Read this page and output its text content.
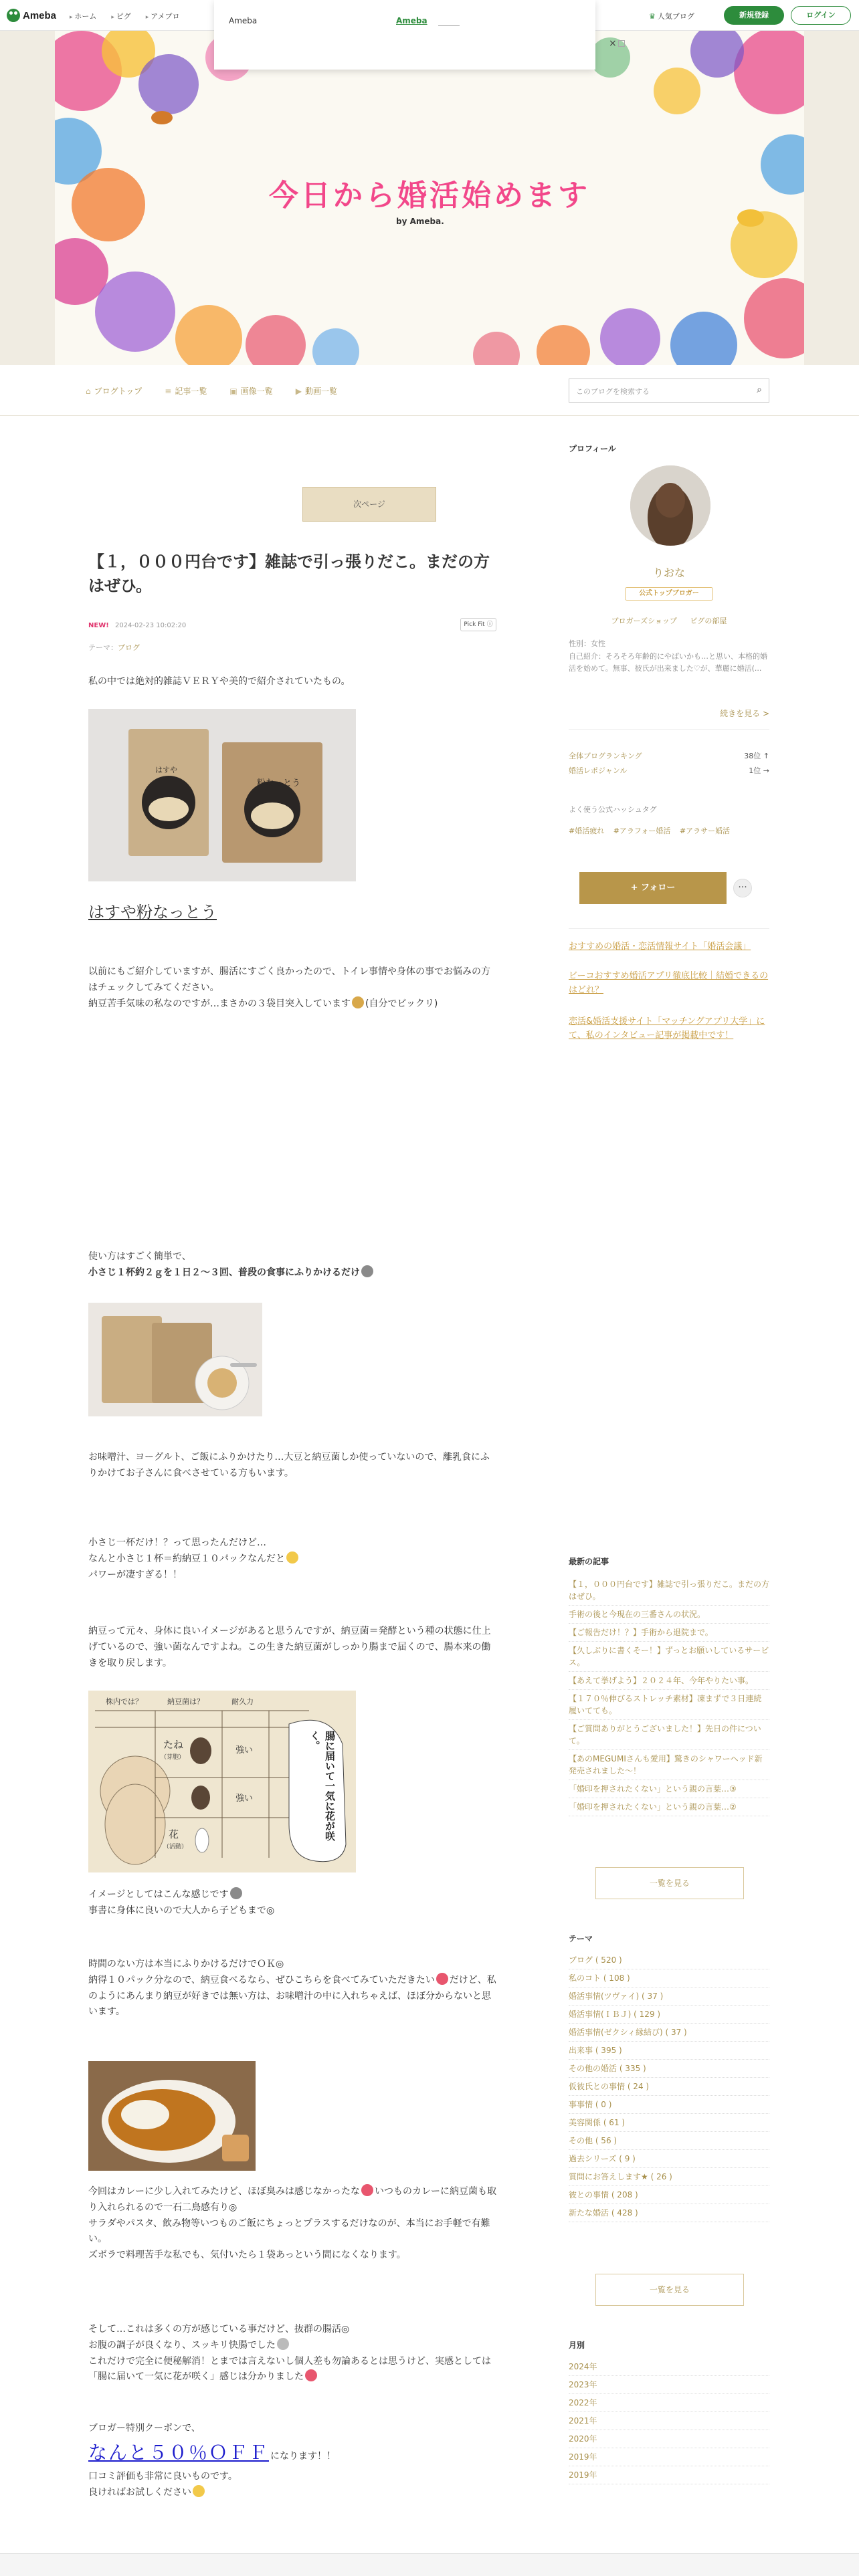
Ameba	▸ ホーム	▸ ピグ	▸ アメブロ	♛ 人気ブログ	新規登録	ログイン
今日から婚活始めます
by Ameba.
Ameba	Ameba
×
⌂ ブログトップ	≡ 記事一覧	▣ 画像一覧	▶ 動画一覧	このブログを検索する	⌕
次ページ
【１，０００円台です】雑誌で引っ張りだこ。まだの方はぜひ。
NEW! 2024-02-23 10:02:20	Pick Fit ⓘ
テーマ：ブログ
私の中では絶対的雑誌ＶＥＲＹや美的で紹介されていたもの。
粉なっとう
はすや
はすや粉なっとう
以前にもご紹介していますが、腸活にすごく良かったので、トイレ事情や身体の事でお悩みの方はチェックしてみてください。
納豆苦手気味の私なのですが…まさかの３袋目突入しています (自分でビックリ)
使い方はすごく簡単で、
小さじ１杯約２ｇを１日２〜３回、普段の食事にふりかけるだけ
お味噌汁、ヨーグルト、ご飯にふりかけたり…大豆と納豆菌しか使っていないので、離乳食にふりかけてお子さんに食べさせている方もいます。
小さじ一杯だけ！？って思ったんだけど…
なんと小さじ１杯＝約納豆１０パックなんだと
パワーが凄すぎる！！
納豆って元々、身体に良いイメージがあると思うんですが、納豆菌＝発酵という種の状態に仕上げているので、強い菌なんですよね。この生きた納豆菌がしっかり腸まで届くので、腸本来の働きを取り戻します。
株内では？	納豆菌は？	耐久力
たね
（芽胞）
強い
強い
花
（活動）
腸に届いて一気に花が咲く。
イメージとしてはこんな感じです
事書に身体に良いので大人から子どもまで◎
時間のない方は本当にふりかけるだけでＯＫ◎
納得１０パック分なので、納豆食べるなら、ぜひこちらを食べてみていただきたい だけど、私のようにあんまり納豆が好きでは無い方は、お味噌汁の中に入れちゃえば、ほぼ分からないと思います。
今回はカレーに少し入れてみたけど、ほぼ臭みは感じなかったな いつものカレーに納豆菌も取り入れられるので一石二鳥感有り◎
サラダやパスタ、飲み物等いつものご飯にちょっとプラスするだけなのが、本当にお手軽で有難い。
ズボラで料理苦手な私でも、気付いたら１袋あっという間になくなります。
そして…これは多くの方が感じている事だけど、抜群の腸活◎
お腹の調子が良くなり、スッキリ快腸でした
これだけで完全に便秘解消！とまでは言えないし個人差も勿論あるとは思うけど、実感としては「腸に届いて一気に花が咲く」感じは分かりました
ブロガー特別クーポンで、
なんと５０％ＯＦＦ になります！！
口コミ評価も非常に良いものです。
良ければお試しください
プロフィール
りおな
公式トップブロガー
ブロガーズショップ ピグの部屋
性別：女性
自己紹介：そろそろ年齢的にやばいかも…と思い、本格的婚活を始めて。無事、彼氏が出来ました♡が、華麗に婚活(...
続きを見る >
全体ブログランキング	38位 ↑
婚活レポジャンル	1位 →
よく使う公式ハッシュタグ
#婚活疲れ #アラフォー婚活 #アラサー婚活
+ フォロー	···
おすすめの婚活・恋活情報サイト「婚活会議」
ビーコおすすめ婚活アプリ徹底比較｜結婚できるのはどれ？
恋活&婚活支援サイト「マッチングアプリ大学」にて、私のインタビュー記事が掲載中です！
最新の記事
【１，０００円台です】雑誌で引っ張りだこ。まだの方はぜひ。
手術の後と今現在の三番さんの状況。
【ご報告だけ！？】手術から退院まで。
【久しぶりに書くそー！】ずっとお願いしているサービス。
【あえて挙げよう】２０２４年、今年やりたい事。
【１７０％伸びるストレッチ素材】凍まずで３日連続履いてても。
【ご質問ありがとうございました！】先日の件について。
【あのMEGUMIさんも愛用】驚きのシャワーヘッド新発売されました〜！
「婚印を押されたくない」という親の言葉…③
「婚印を押されたくない」という親の言葉…②
一覧を見る
テーマ
ブログ ( 520 )
私のコト ( 108 )
婚活事情(ツヴァイ) ( 37 )
婚活事情(ＩＢＪ) ( 129 )
婚活事情(ゼクシィ縁結び) ( 37 )
出来事 ( 395 )
その他の婚活 ( 335 )
仮彼氏との事情 ( 24 )
事事情 ( 0 )
美容関係 ( 61 )
その他 ( 56 )
過去シリーズ ( 9 )
質問にお答えします★ ( 26 )
彼との事情 ( 208 )
新たな婚活 ( 428 )
一覧を見る
月別
2024年
2023年
2022年
2021年
2020年
2019年
2019年
